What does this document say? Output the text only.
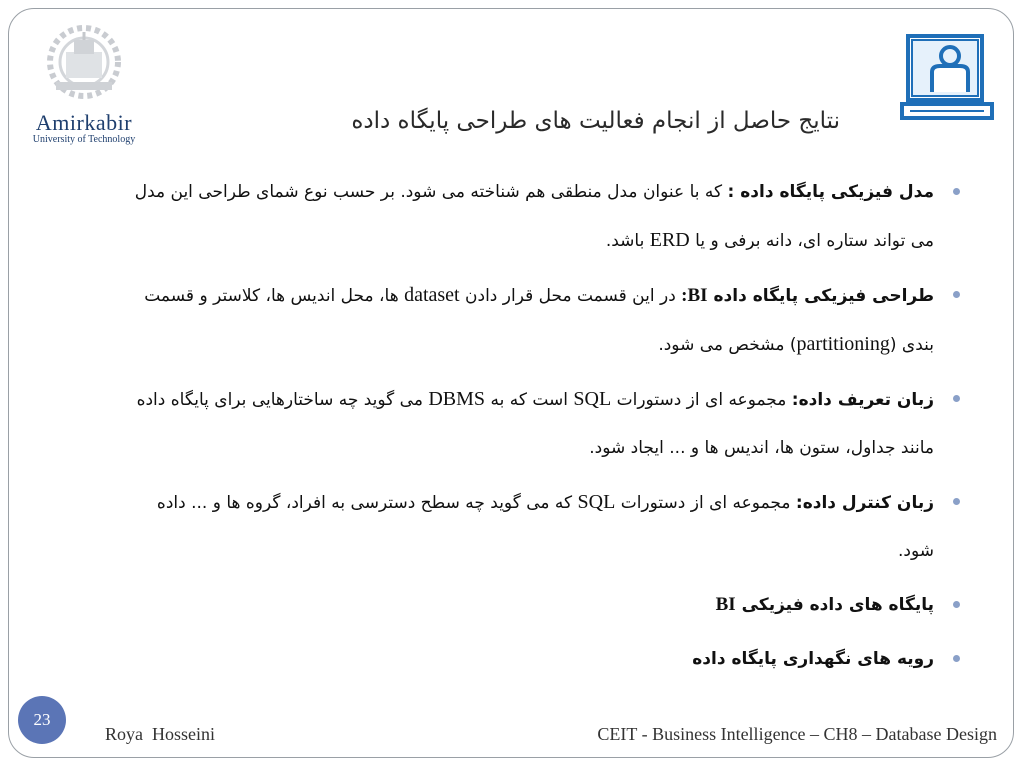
Amirkabir
University of Technology
نتایج حاصل از انجام فعالیت های طراحی پایگاه داده
مدل فیزیکی پایگاه داده : که با عنوان مدل منطقی هم شناخته می شود. بر حسب نوع شمای طراحی این مدل می تواند ستاره ای، دانه برفی و یا ERD باشد.
طراحی فیزیکی پایگاه داده BI: در این قسمت محل قرار دادن dataset ها، محل اندیس ها، کلاستر و قسمت بندی (partitioning) مشخص می شود.
زبان تعریف داده: مجموعه ای از دستورات SQL است که به DBMS می گوید چه ساختارهایی برای پایگاه داده مانند جداول، ستون ها، اندیس ها و ... ایجاد شود.
زبان کنترل داده: مجموعه ای از دستورات SQL که می گوید چه سطح دسترسی به افراد، گروه ها و ... داده شود.
پایگاه های داده فیزیکی BI
رویه های نگهداری پایگاه داده
23
Roya  Hosseini	CEIT - Business Intelligence – CH8 – Database Design
